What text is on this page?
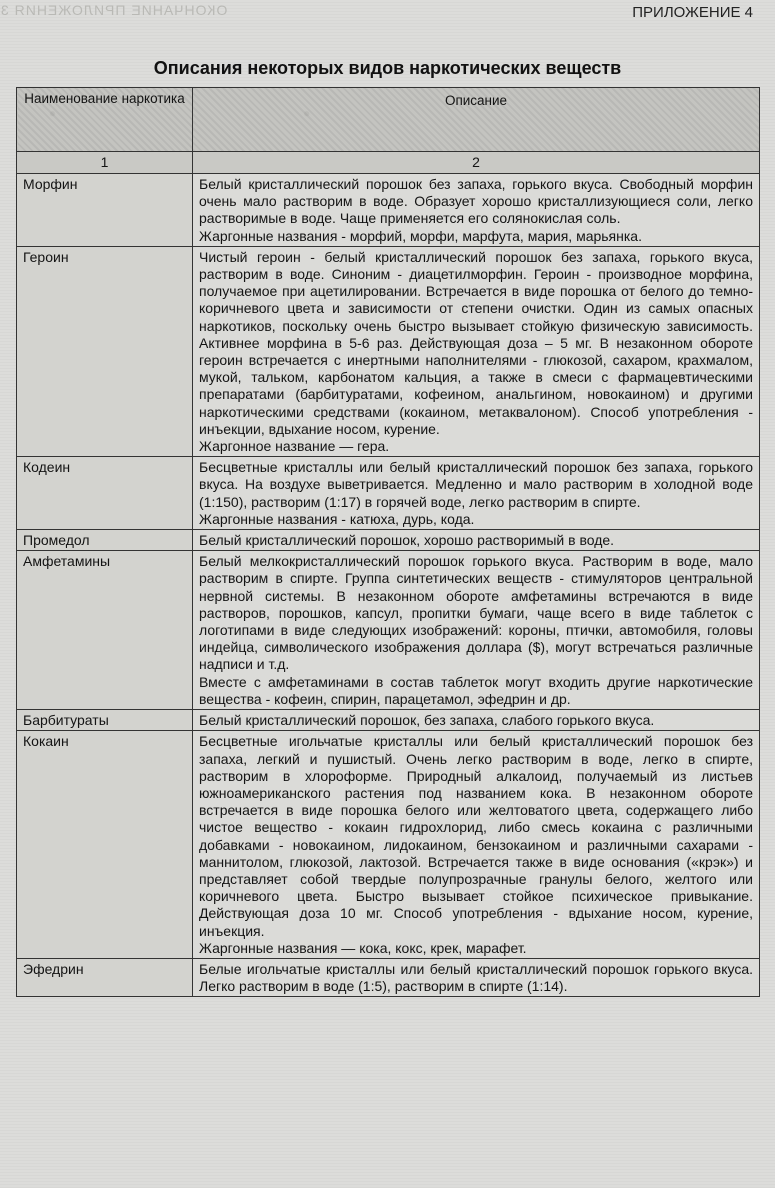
ОКОНЧАНИЕ ПРИЛОЖЕНИЯ 3	ПРИЛОЖЕНИЕ 4
Описания некоторых видов наркотических веществ
Наименование наркотика	Описание
1	2
Морфин	Белый кристаллический порошок без запаха, горького вкуса. Свободный морфин очень мало растворим в воде. Образует хорошо кристаллизующиеся соли, легко растворимые в воде. Чаще применяется его солянокислая соль.
Жаргонные названия - морфий, морфи, марфута, мария, марьянка.

Героин	Чистый героин - белый кристаллический порошок без запаха, горького вкуса, растворим в воде. Синоним - диацетилморфин. Героин - производное морфина, получаемое при ацетилировании. Встречается в виде порошка от белого до темно-коричневого цвета и зависимости от степени очистки. Один из самых опасных наркотиков, поскольку очень быстро вызывает стойкую физическую зависимость. Активнее морфина в 5-6 раз. Действующая доза – 5 мг. В незаконном обороте героин встречается с инертными наполнителями - глюкозой, сахаром, крахмалом, мукой, тальком, карбонатом кальция, а также в смеси с фармацевтическими препаратами (барбитуратами, кофеином, анальгином, новокаином) и другими наркотическими средствами (кокаином, метаквалоном). Способ употребления - инъекции, вдыхание носом, курение.
Жаргонное название — гера.

Кодеин	Бесцветные кристаллы или белый кристаллический порошок без запаха, горького вкуса. На воздухе выветривается. Медленно и мало растворим в холодной воде (1:150), растворим (1:17) в горячей воде, легко растворим в спирте.
Жаргонные названия - катюха, дурь, кода.

Промедол	Белый кристаллический порошок, хорошо растворимый в воде.

Амфетамины	Белый мелкокристаллический порошок горького вкуса. Растворим в воде, мало растворим в спирте. Группа синтетических веществ - стимуляторов центральной нервной системы. В незаконном обороте амфетамины встречаются в виде растворов, порошков, капсул, пропитки бумаги, чаще всего в виде таблеток с логотипами в виде следующих изображений: короны, птички, автомобиля, головы индейца, символического изображения доллара ($), могут встречаться различные надписи и т.д.
Вместе с амфетаминами в состав таблеток могут входить другие наркотические вещества - кофеин, спирин, парацетамол, эфедрин и др.

Барбитураты	Белый кристаллический порошок, без запаха, слабого горького вкуса.

Кокаин	Бесцветные игольчатые кристаллы или белый кристаллический порошок без запаха, легкий и пушистый. Очень легко растворим в воде, легко в спирте, растворим в хлороформе. Природный алкалоид, получаемый из листьев южноамериканского растения под названием кока. В незаконном обороте встречается в виде порошка белого или желтоватого цвета, содержащего либо чистое вещество - кокаин гидрохлорид, либо смесь кокаина с различными добавками - новокаином, лидокаином, бензокаином и различными сахарами - маннитолом, глюкозой, лактозой. Встречается также в виде основания («крэк») и представляет собой твердые полупрозрачные гранулы белого, желтого или коричневого цвета. Быстро вызывает стойкое психическое привыкание. Действующая доза 10 мг. Способ употребления - вдыхание носом, курение, инъекция.
Жаргонные названия — кока, кокс, крек, марафет.

Эфедрин	Белые игольчатые кристаллы или белый кристаллический порошок горького вкуса. Легко растворим в воде (1:5), растворим в спирте (1:14).
